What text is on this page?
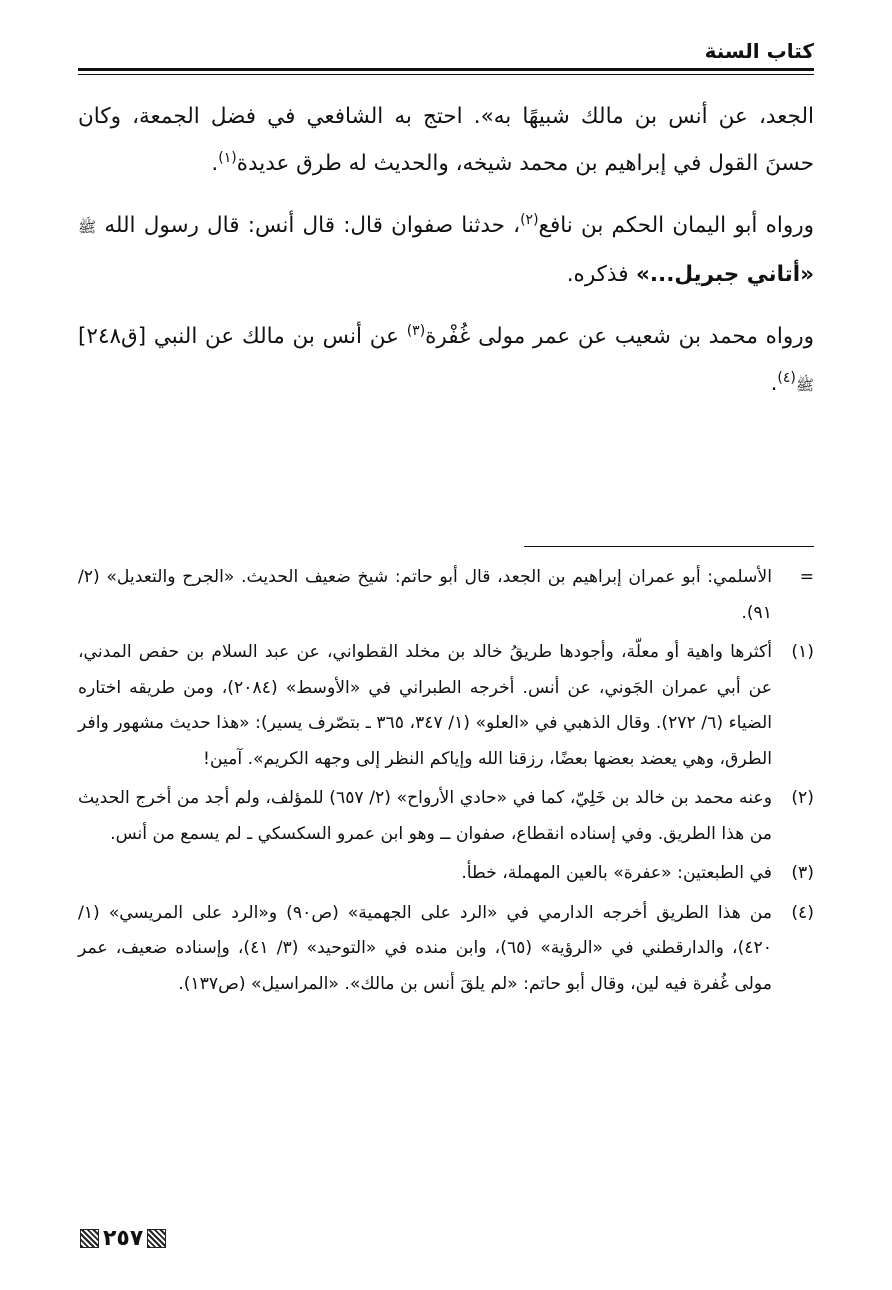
كتاب السنة

الجعد، عن أنس بن مالك شبيهًا به». احتج به الشافعي في فضل الجمعة، وكان حسنَ القول في إبراهيم بن محمد شيخه، والحديث له طرق عديدة$^{(١)}$.

ورواه أبو اليمان الحكم بن نافع$^{(٢)}$، حدثنا صفوان قال: قال أنس: قال رسول الله ﷺ «أتاني جبريل...» فذكره.

ورواه محمد بن شعيب عن عمر مولى غُفْرة$^{(٣)}$ عن أنس بن مالك عن النبي [ق٢٤٨] ﷺ$^{(٤)}$.

=
الأسلمي: أبو عمران إبراهيم بن الجعد، قال أبو حاتم: شيخ ضعيف الحديث. «الجرح والتعديل» (٢/ ٩١).
(١)
أكثرها واهية أو معلّة، وأجودها طريقُ خالد بن مخلد القطواني، عن عبد السلام بن حفص المدني، عن أبي عمران الجَوني، عن أنس. أخرجه الطبراني في «الأوسط» (٢٠٨٤)، ومن طريقه اختاره الضياء (٦/ ٢٧٢). وقال الذهبي في «العلو» (١/ ٣٤٧، ٣٦٥ ـ بتصّرف يسير): «هذا حديث مشهور وافر الطرق، وهي يعضد بعضها بعضًا، رزقنا الله وإياكم النظر إلى وجهه الكريم». آمين!
(٢)
وعنه محمد بن خالد بن خَلِيّ، كما في «حادي الأرواح» (٢/ ٦٥٧) للمؤلف، ولم أجد من أخرج الحديث من هذا الطريق. وفي إسناده انقطاع، صفوان ــ وهو ابن عمرو السكسكي ـ لم يسمع من أنس.
(٣)
في الطبعتين: «عفرة» بالعين المهملة، خطأ.
(٤)
من هذا الطريق أخرجه الدارمي في «الرد على الجهمية» (ص٩٠) و«الرد على المريسي» (١/ ٤٢٠)، والدارقطني في «الرؤية» (٦٥)، وابن منده في «التوحيد» (٣/ ٤١)، وإسناده ضعيف، عمر مولى غُفرة فيه لين، وقال أبو حاتم: «لم يلقَ أنس بن مالك». «المراسيل» (ص١٣٧).
٢٥٧
